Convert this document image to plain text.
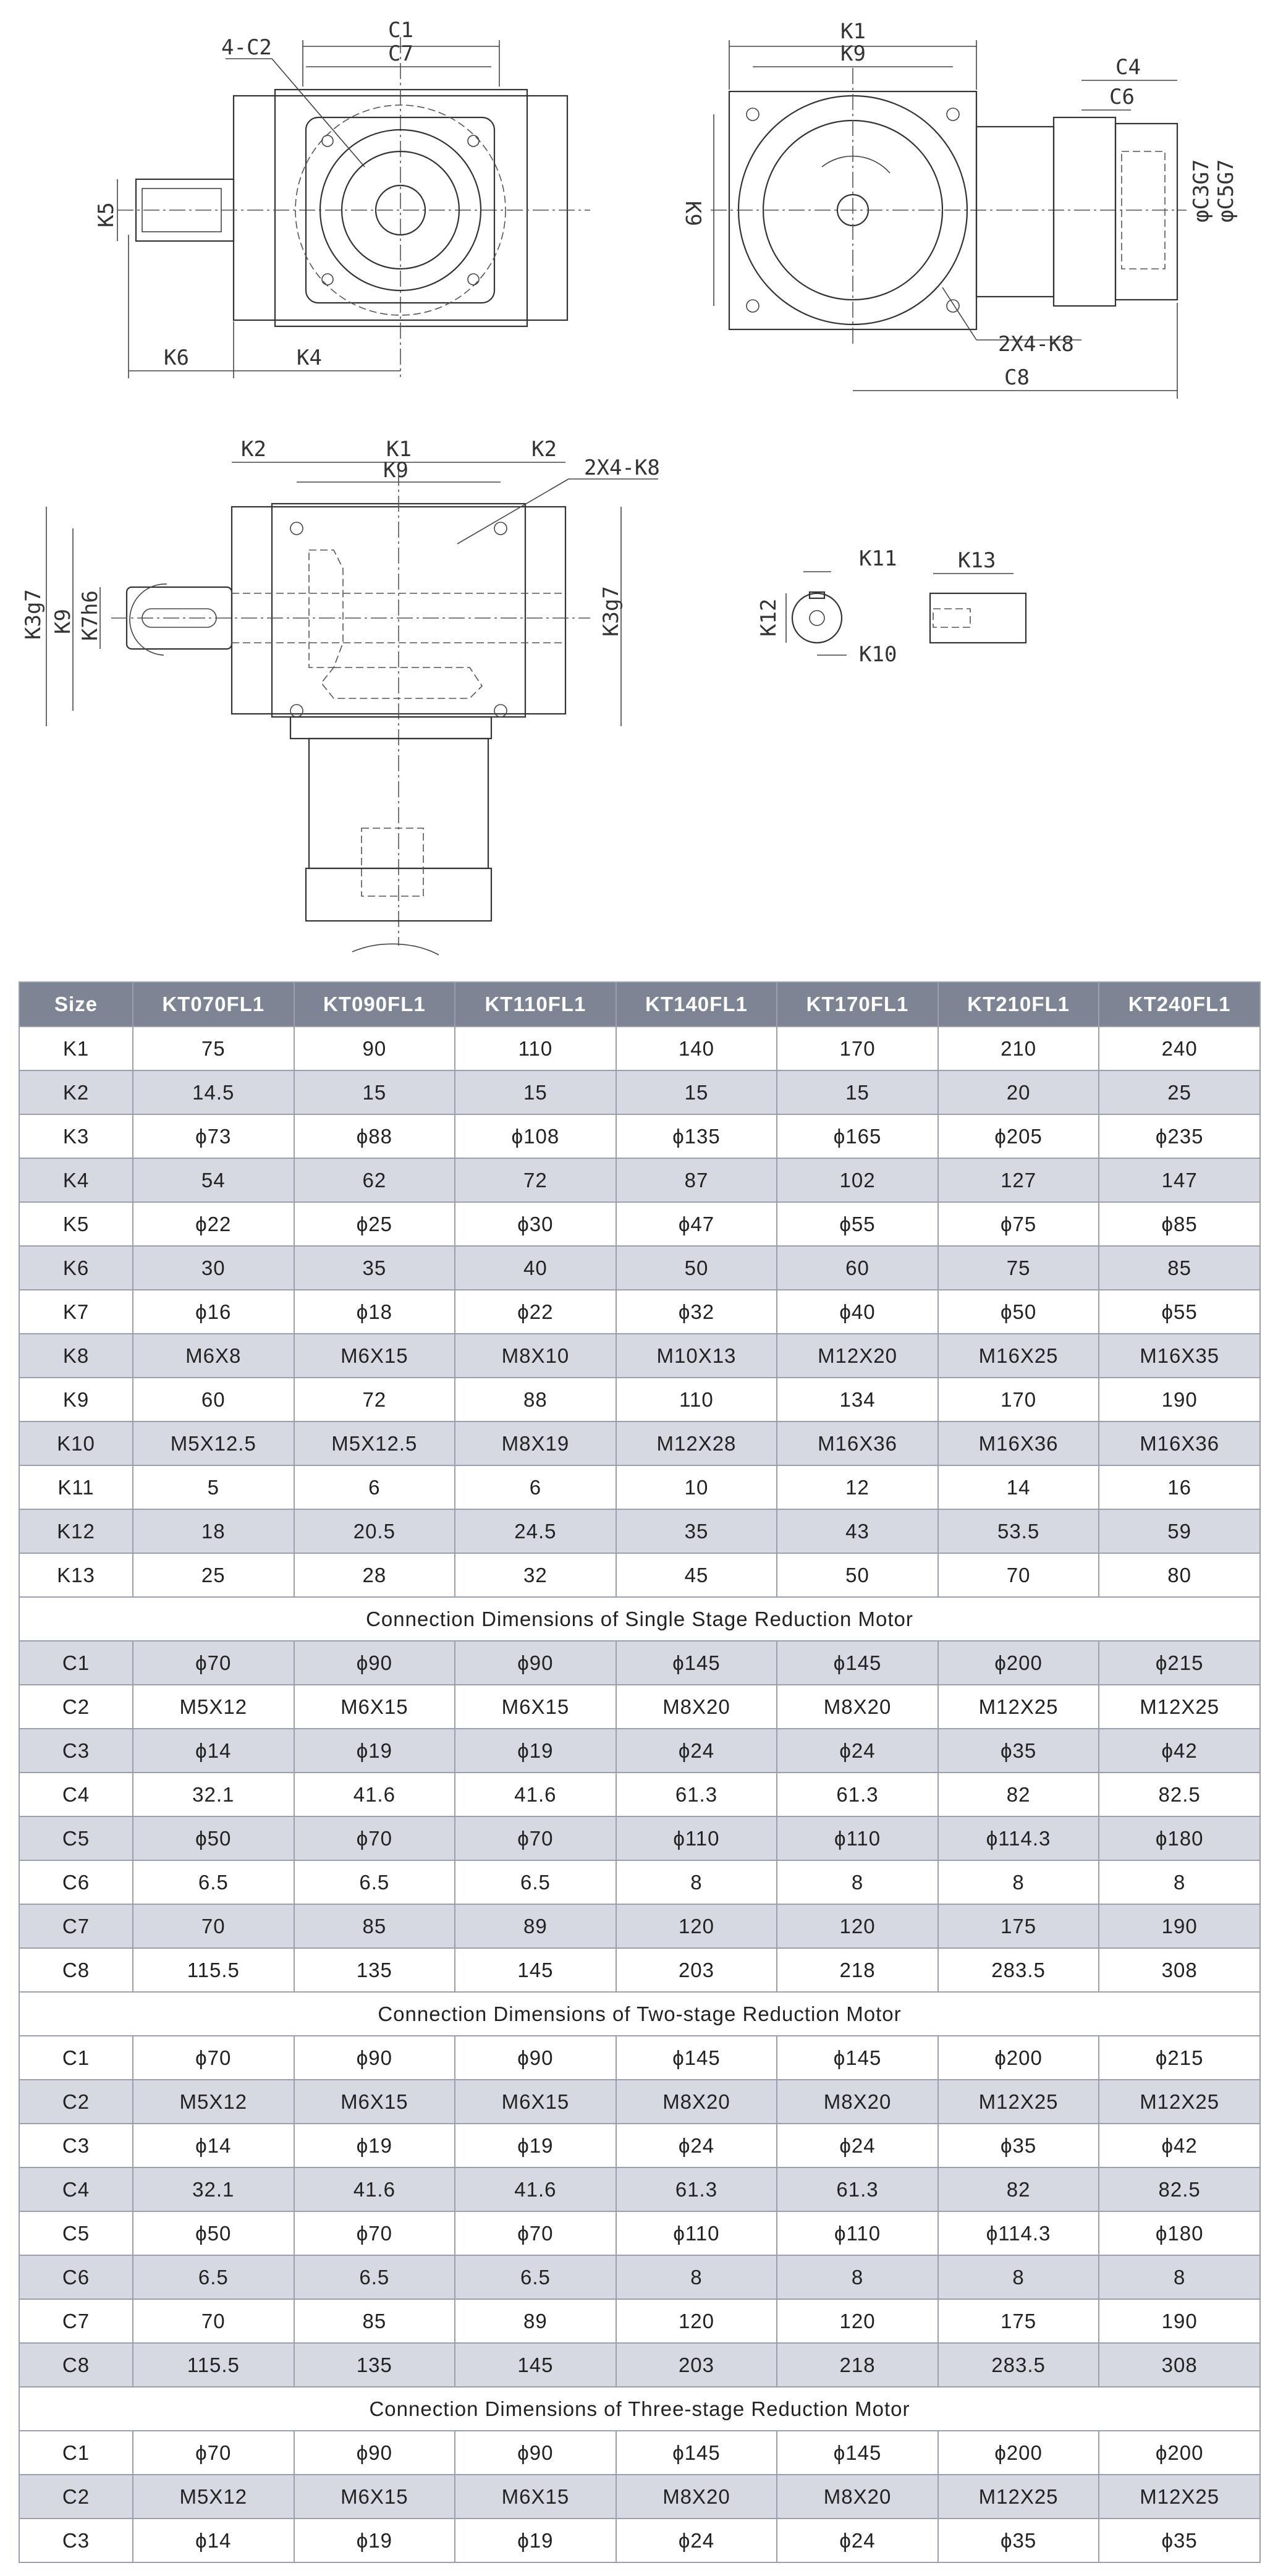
C1
C7
4-C2
K5
K6	K4
K1
K9
K9
C4
C6
φC3G7 φC5G7
2X4-K8
C8
K2	K1	K2
K9	2X4-K8
K3g7 K9 K7h6	K3g7
K11
K12
K10
K13
Size	KT070FL1	KT090FL1	KT110FL1	KT140FL1	KT170FL1	KT210FL1	KT240FL1
K1	75	90	110	140	170	210	240
K2	14.5	15	15	15	15	20	25
K3	ϕ73	ϕ88	ϕ108	ϕ135	ϕ165	ϕ205	ϕ235
K4	54	62	72	87	102	127	147
K5	ϕ22	ϕ25	ϕ30	ϕ47	ϕ55	ϕ75	ϕ85
K6	30	35	40	50	60	75	85
K7	ϕ16	ϕ18	ϕ22	ϕ32	ϕ40	ϕ50	ϕ55
K8	M6X8	M6X15	M8X10	M10X13	M12X20	M16X25	M16X35
K9	60	72	88	110	134	170	190
K10	M5X12.5	M5X12.5	M8X19	M12X28	M16X36	M16X36	M16X36
K11	5	6	6	10	12	14	16
K12	18	20.5	24.5	35	43	53.5	59
K13	25	28	32	45	50	70	80
Connection Dimensions of Single Stage Reduction Motor							
C1	ϕ70	ϕ90	ϕ90	ϕ145	ϕ145	ϕ200	ϕ215
C2	M5X12	M6X15	M6X15	M8X20	M8X20	M12X25	M12X25
C3	ϕ14	ϕ19	ϕ19	ϕ24	ϕ24	ϕ35	ϕ42
C4	32.1	41.6	41.6	61.3	61.3	82	82.5
C5	ϕ50	ϕ70	ϕ70	ϕ110	ϕ110	ϕ114.3	ϕ180
C6	6.5	6.5	6.5	8	8	8	8
C7	70	85	89	120	120	175	190
C8	115.5	135	145	203	218	283.5	308
Connection Dimensions of Two-stage Reduction Motor							
C1	ϕ70	ϕ90	ϕ90	ϕ145	ϕ145	ϕ200	ϕ215
C2	M5X12	M6X15	M6X15	M8X20	M8X20	M12X25	M12X25
C3	ϕ14	ϕ19	ϕ19	ϕ24	ϕ24	ϕ35	ϕ42
C4	32.1	41.6	41.6	61.3	61.3	82	82.5
C5	ϕ50	ϕ70	ϕ70	ϕ110	ϕ110	ϕ114.3	ϕ180
C6	6.5	6.5	6.5	8	8	8	8
C7	70	85	89	120	120	175	190
C8	115.5	135	145	203	218	283.5	308
Connection Dimensions of Three-stage Reduction Motor							
C1	ϕ70	ϕ90	ϕ90	ϕ145	ϕ145	ϕ200	ϕ200
C2	M5X12	M6X15	M6X15	M8X20	M8X20	M12X25	M12X25
C3	ϕ14	ϕ19	ϕ19	ϕ24	ϕ24	ϕ35	ϕ35
